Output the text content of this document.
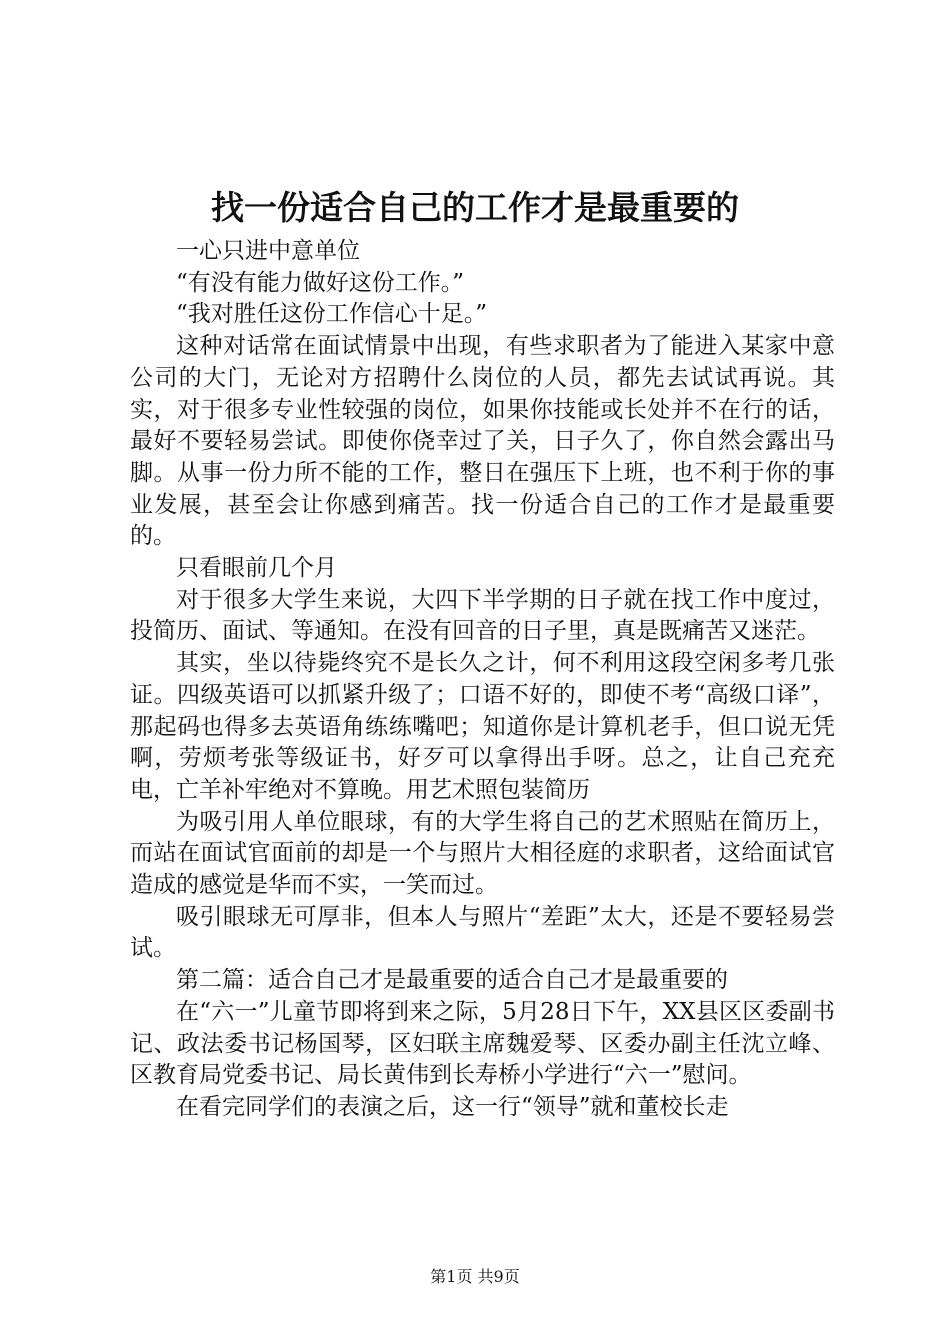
找一份适合自己的工作才是最重要的

一心只进中意单位

“有没有能力做好这份工作。”

“我对胜任这份工作信心十足。”

这种对话常在面试情景中出现，有些求职者为了能进入某家中意公司的大门，无论对方招聘什么岗位的人员，都先去试试再说。其实，对于很多专业性较强的岗位，如果你技能或长处并不在行的话，最好不要轻易尝试。即使你侥幸过了关，日子久了，你自然会露出马脚。从事一份力所不能的工作，整日在强压下上班，也不利于你的事业发展，甚至会让你感到痛苦。找一份适合自己的工作才是最重要的。

只看眼前几个月

对于很多大学生来说，大四下半学期的日子就在找工作中度过，投简历、面试、等通知。在没有回音的日子里，真是既痛苦又迷茫。

其实，坐以待毙终究不是长久之计，何不利用这段空闲多考几张证。四级英语可以抓紧升级了；口语不好的，即使不考“高级口译”，那起码也得多去英语角练练嘴吧；知道你是计算机老手，但口说无凭啊，劳烦考张等级证书，好歹可以拿得出手呀。总之，让自己充充电，亡羊补牢绝对不算晚。用艺术照包装简历

为吸引用人单位眼球，有的大学生将自己的艺术照贴在简历上，而站在面试官面前的却是一个与照片大相径庭的求职者，这给面试官造成的感觉是华而不实，一笑而过。

吸引眼球无可厚非，但本人与照片“差距”太大，还是不要轻易尝试。

第二篇：适合自己才是最重要的适合自己才是最重要的

在“六一”儿童节即将到来之际，5月28日下午，XX县区区委副书记、政法委书记杨国琴，区妇联主席魏爱琴、区委办副主任沈立峰、区教育局党委书记、局长黄伟到长寿桥小学进行“六一”慰问。

在看完同学们的表演之后，这一行“领导”就和董校长走

第1页 共9页
